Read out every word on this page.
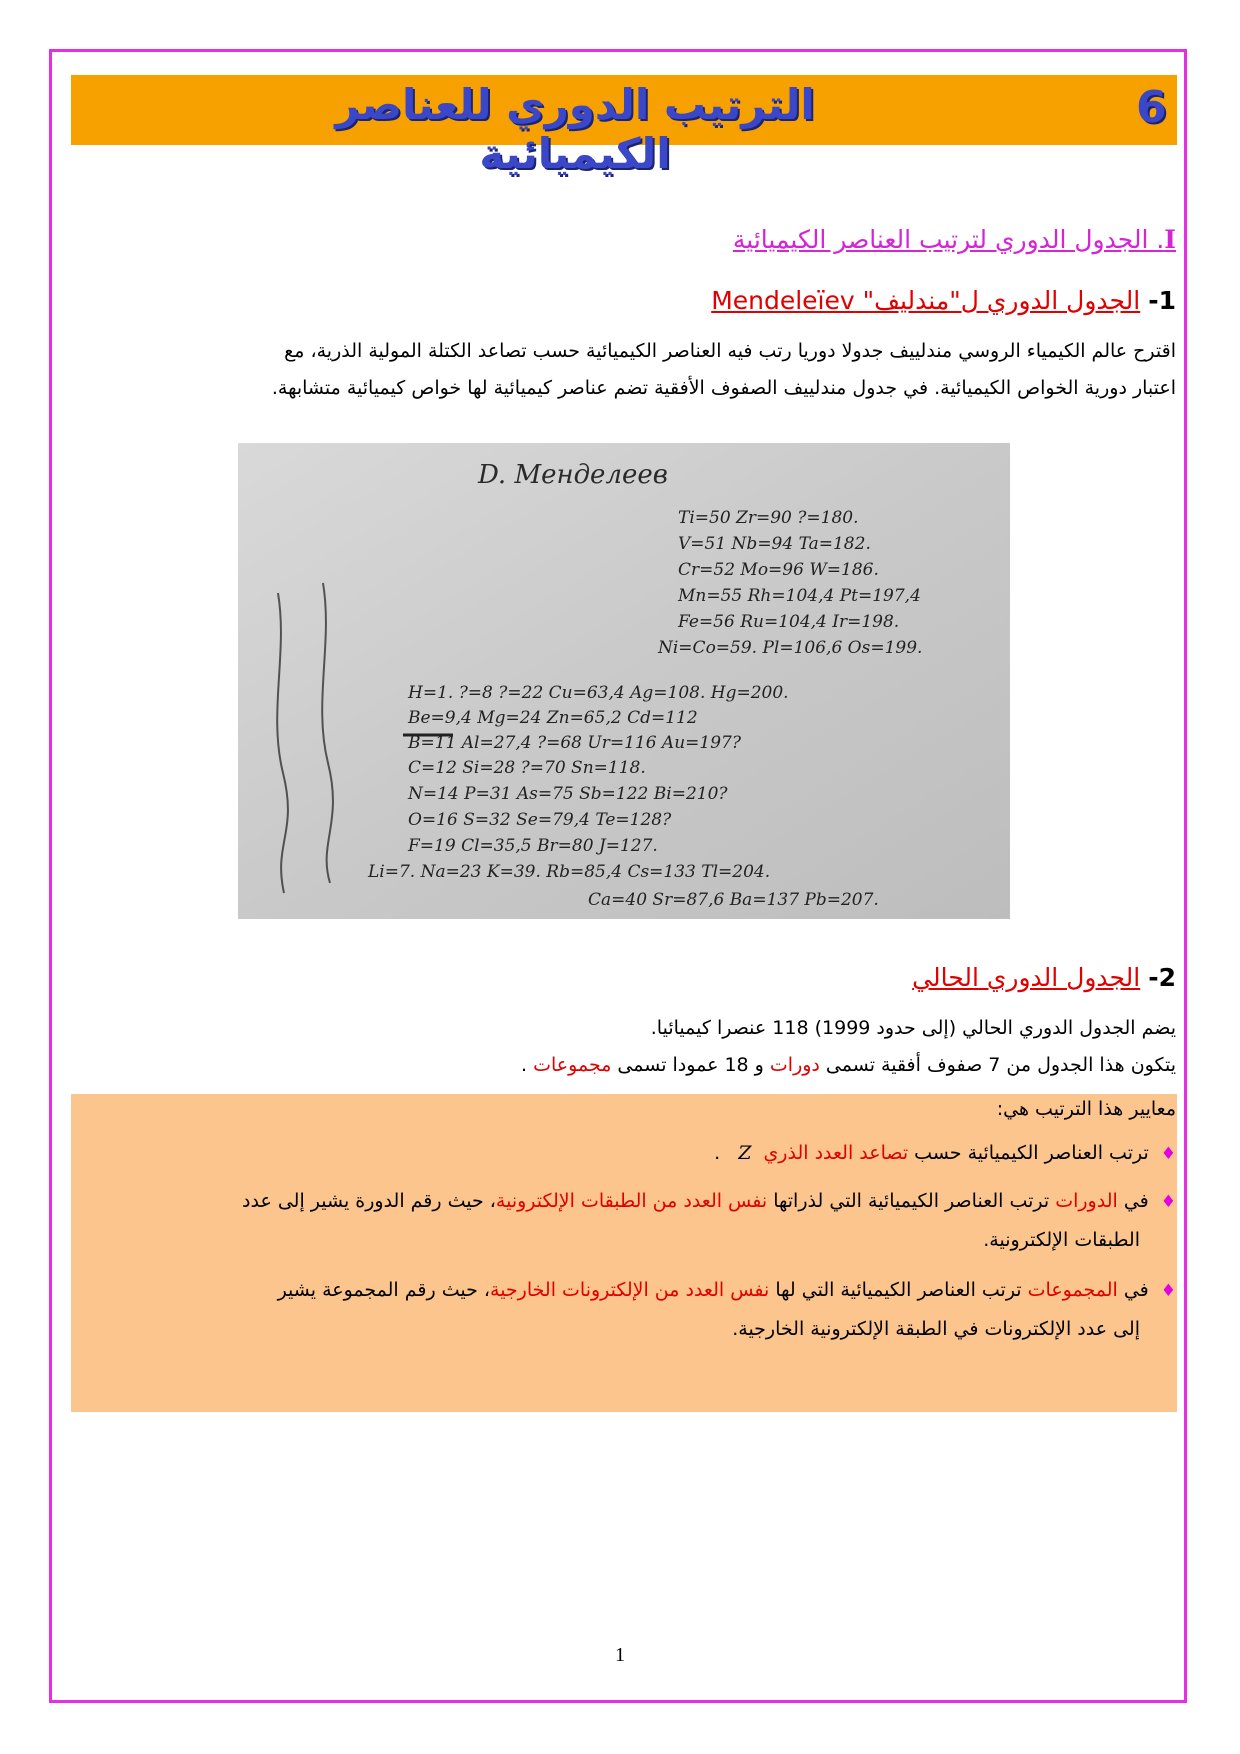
6
الترتيب الدوري للعناصر الكيميائية
I. الجدول الدوري لترتيب العناصر الكيميائية
1- الجدول الدوري ل"مندليف" Mendeleïev
اقترح عالم الكيمياء الروسي مندلييف جدولا دوريا رتب فيه العناصر الكيميائية حسب تصاعد الكتلة المولية الذرية، مع
اعتبار دورية الخواص الكيميائية. في جدول مندلييف الصفوف الأفقية تضم عناصر كيميائية لها خواص كيميائية متشابهة.
D. Менделеев
Ti=50 Zr=90 ?=180.
V=51 Nb=94 Ta=182.
Cr=52 Mo=96 W=186.
Mn=55 Rh=104,4 Pt=197,4
Fe=56 Ru=104,4 Ir=198.
Ni=Co=59. Pl=106,6 Os=199.
H=1. ?=8 ?=22 Cu=63,4 Ag=108. Hg=200.
Be=9,4 Mg=24 Zn=65,2 Cd=112
B=11 Al=27,4 ?=68 Ur=116 Au=197?
C=12 Si=28 ?=70 Sn=118.
N=14 P=31 As=75 Sb=122 Bi=210?
O=16 S=32 Se=79,4 Te=128?
F=19 Cl=35,5 Br=80 J=127.
Li=7. Na=23 K=39. Rb=85,4 Cs=133 Tl=204.
Ca=40 Sr=87,6 Ba=137 Pb=207.
2- الجدول الدوري الحالي
يضم الجدول الدوري الحالي (إلى حدود 1999) 118 عنصرا كيميائيا.
يتكون هذا الجدول من 7 صفوف أفقية تسمى دورات و 18 عمودا تسمى مجموعات .
معايير هذا الترتيب هي:
♦ترتب العناصر الكيميائية حسب تصاعد العدد الذريZ .
♦في الدورات ترتب العناصر الكيميائية التي لذراتها نفس العدد من الطبقات الإلكترونية، حيث رقم الدورة يشير إلى عدد
الطبقات الإلكترونية.
♦في المجموعات ترتب العناصر الكيميائية التي لها نفس العدد من الإلكترونات الخارجية، حيث رقم المجموعة يشير
إلى عدد الإلكترونات في الطبقة الإلكترونية الخارجية.
1
